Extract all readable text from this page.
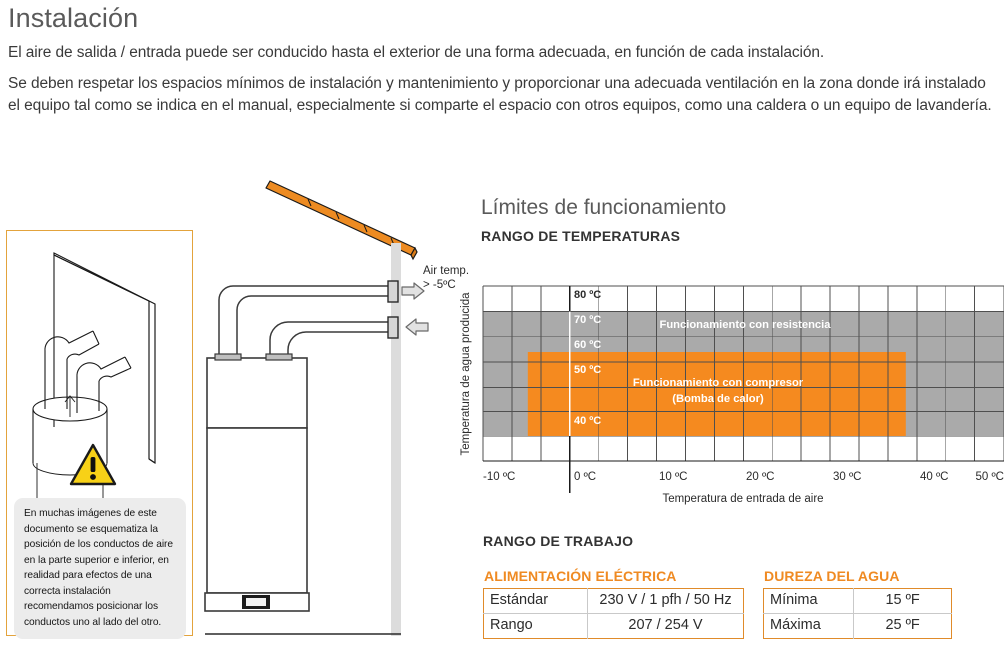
Instalación

El aire de salida / entrada puede ser conducido hasta el exterior de una forma adecuada, en función de cada instalación.

Se deben respetar los espacios mínimos de instalación y mantenimiento y proporcionar una adecuada ventilación en la zona donde irá instalado el equipo tal como se indica en el manual, especialmente si comparte el espacio con otros equipos, como una caldera o un equipo de lavandería.

En muchas imágenes de este documento se esquematiza la posición de los conductos de aire en la parte superior e inferior, en realidad para efectos de una correcta instalación recomendamos posicionar los conductos uno al lado del otro.
Air temp.
> -5ºC
Límites de funcionamiento
RANGO DE TEMPERATURAS
80 ºC
70 ºC
60 ºC
50 ºC

40 ºC
Funcionamiento con resistencia
Funcionamiento con compresor
(Bomba de calor)
-10 ºC	0 ºC	10 ºC	20 ºC	30 ºC	40 ºC 50 ºC
Temperatura de entrada de aire
Temperatura de agua producida
RANGO DE TRABAJO
ALIMENTACIÓN ELÉCTRICA
Estándar	230 V / 1 pfh / 50 Hz
Rango	207 / 254 V
DUREZA DEL AGUA
Mínima	15 ºF
Máxima	25 ºF
